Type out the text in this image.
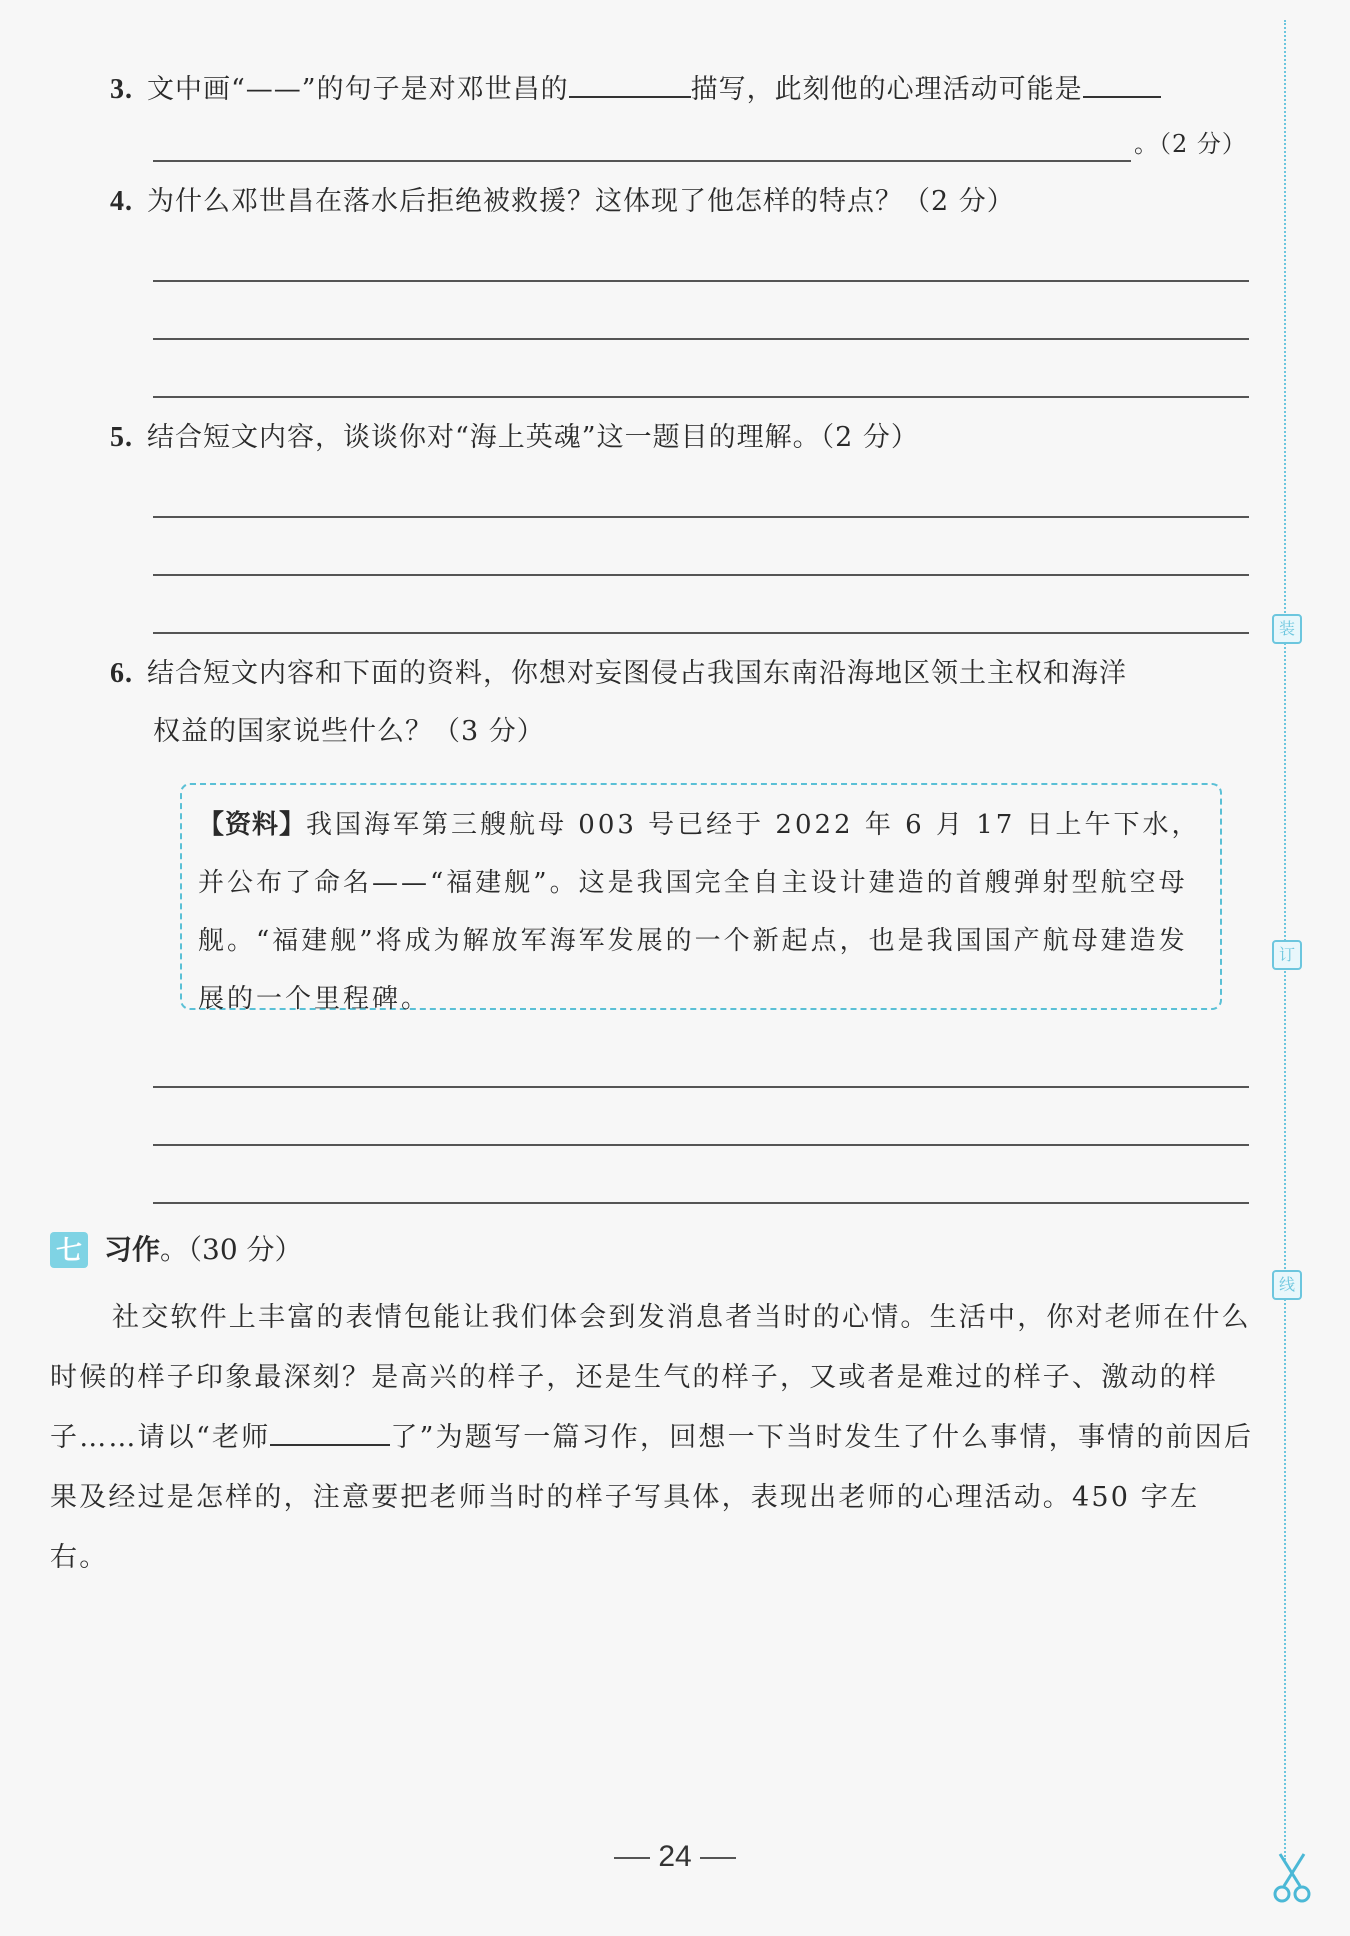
3. 文中画“——”的句子是对邓世昌的	描写，此刻他的心理活动可能是
。（2 分）
4. 为什么邓世昌在落水后拒绝被救援？这体现了他怎样的特点？（2 分）
5. 结合短文内容，谈谈你对“海上英魂”这一题目的理解。（2 分）
6. 结合短文内容和下面的资料，你想对妄图侵占我国东南沿海地区领土主权和海洋
权益的国家说些什么？（3 分）
【资料】我国海军第三艘航母 003 号已经于 2022 年 6 月 17 日上午下水，并公布了命名——“福建舰”。这是我国完全自主设计建造的首艘弹射型航空母舰。“福建舰”将成为解放军海军发展的一个新起点，也是我国国产航母建造发展的一个里程碑。
七 习作。（30 分）
社交软件上丰富的表情包能让我们体会到发消息者当时的心情。生活中，你对老师在什么时候的样子印象最深刻？是高兴的样子，还是生气的样子，又或者是难过的样子、激动的样子……请以“老师	了”为题写一篇习作，回想一下当时发生了什么事情，事情的前因后果及经过是怎样的，注意要把老师当时的样子写具体，表现出老师的心理活动。450 字左右。
装
订
线
24
